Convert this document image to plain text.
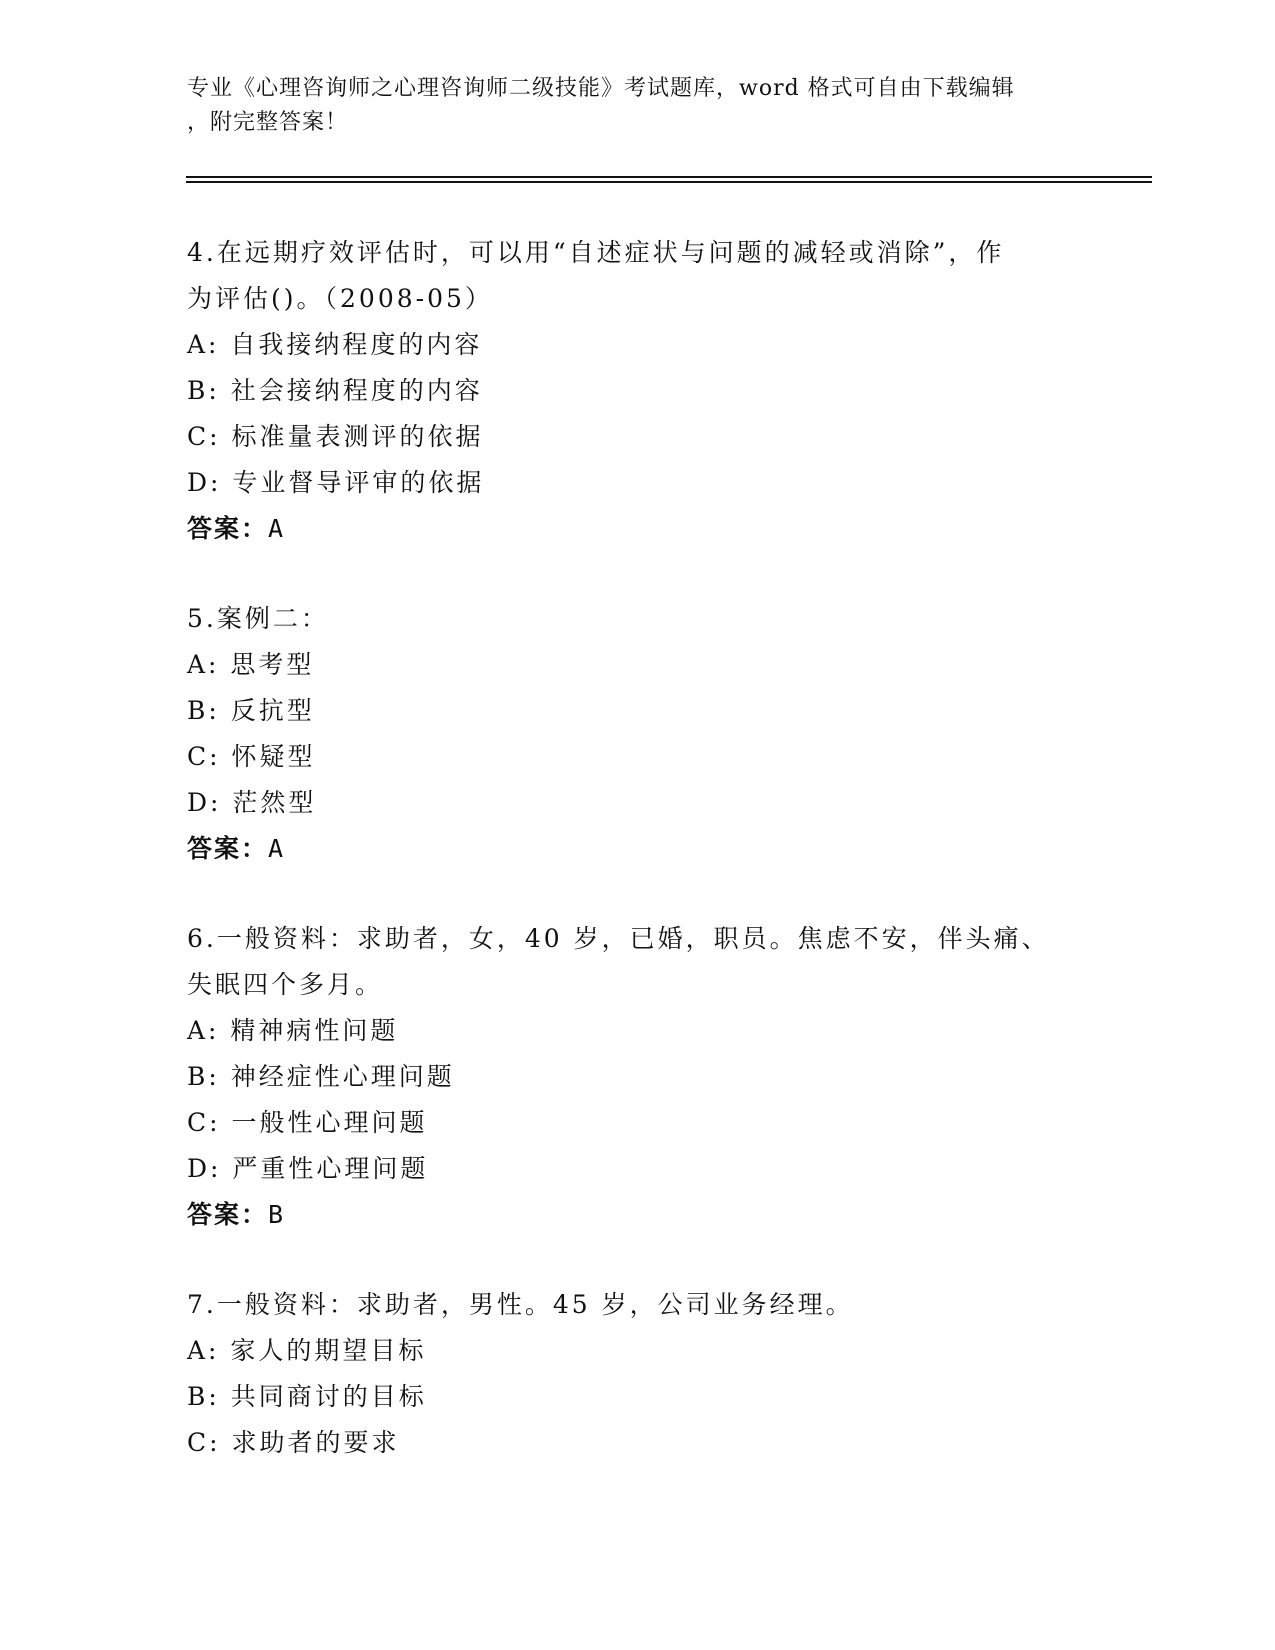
专业《心理咨询师之心理咨询师二级技能》考试题库，word 格式可自由下载编辑
，附完整答案！
4.在远期疗效评估时，可以用“自述症状与问题的减轻或消除”，作
为评估()。（2008-05）
A: 自我接纳程度的内容
B: 社会接纳程度的内容
C: 标准量表测评的依据
D: 专业督导评审的依据
答案：A
5.案例二：
A: 思考型
B: 反抗型
C: 怀疑型
D: 茫然型
答案：A
6.一般资料：求助者，女，40 岁，已婚，职员。焦虑不安，伴头痛、
失眠四个多月。
A: 精神病性问题
B: 神经症性心理问题
C: 一般性心理问题
D: 严重性心理问题
答案：B
7.一般资料：求助者，男性。45 岁，公司业务经理。
A: 家人的期望目标
B: 共同商讨的目标
C: 求助者的要求
